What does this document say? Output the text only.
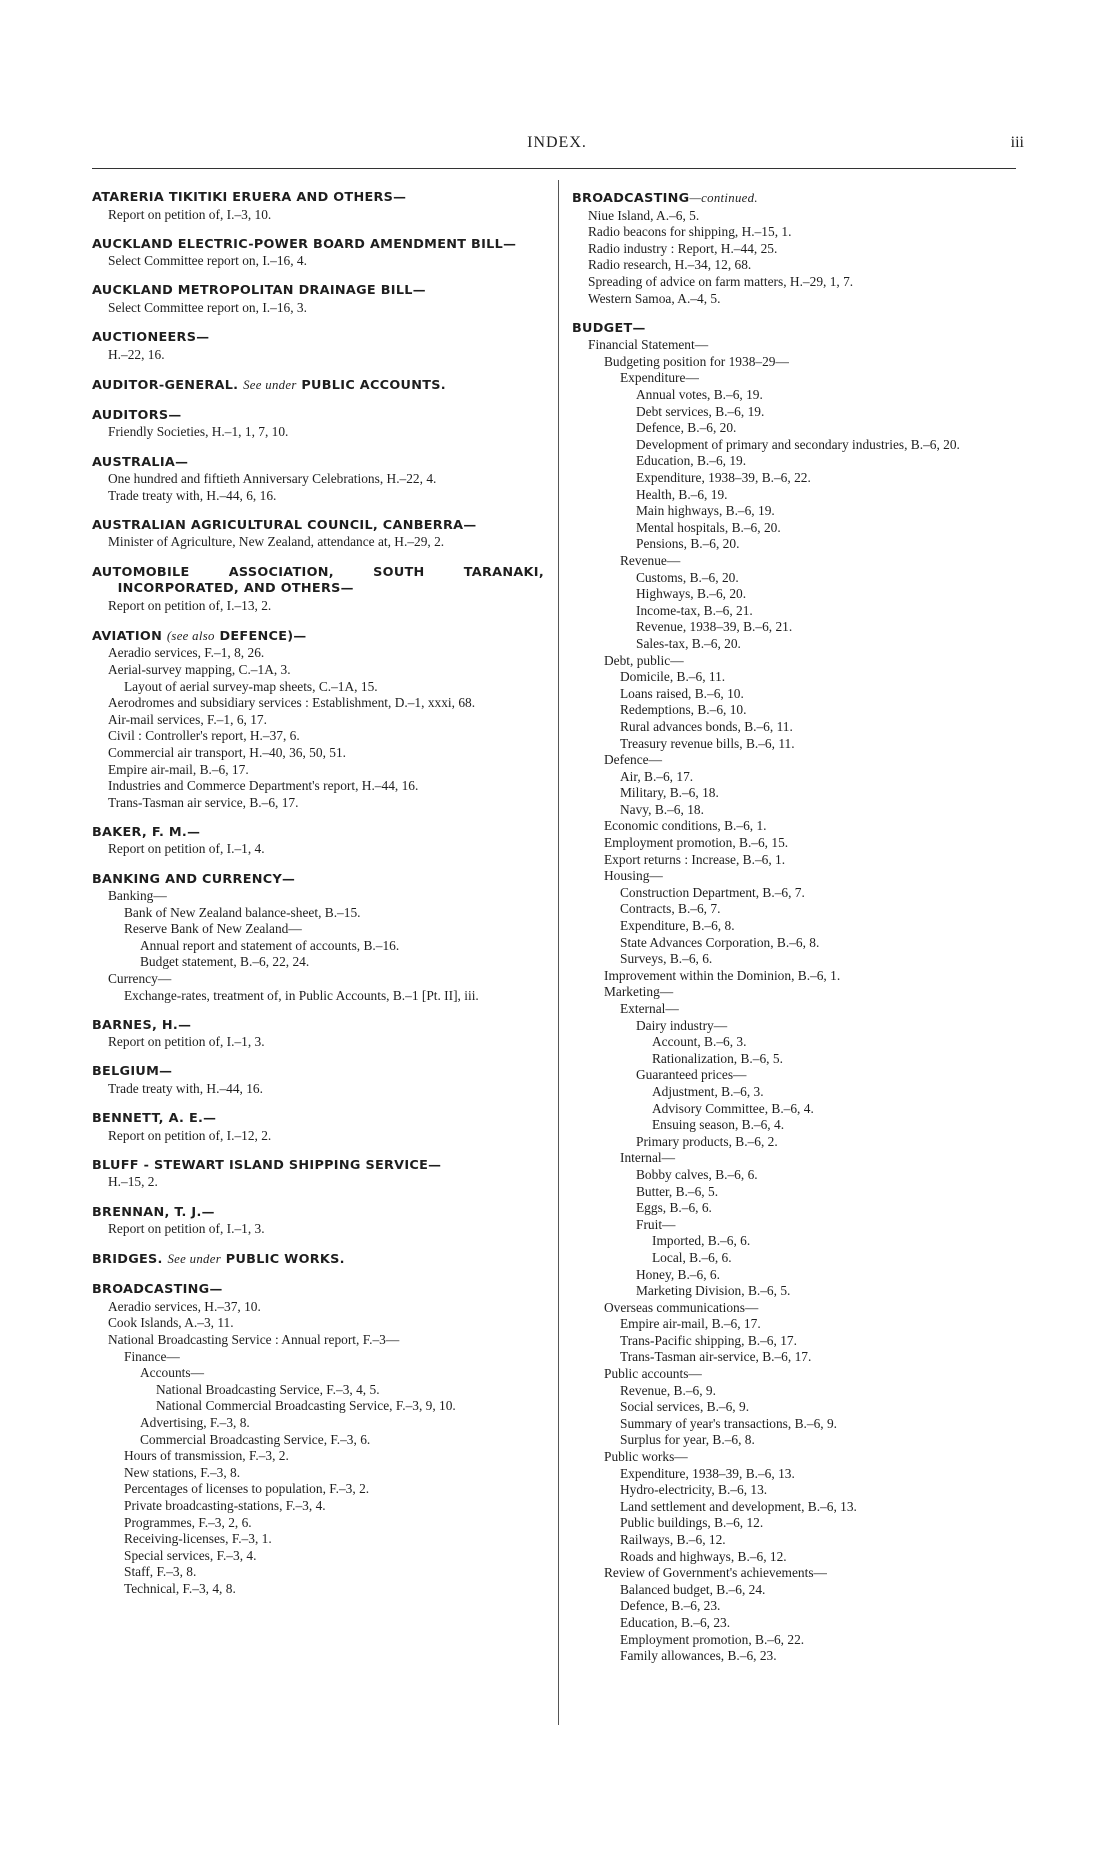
INDEX.	iii
ATARERIA TIKITIKI ERUERA AND OTHERS—
Report on petition of, I.–3, 10.
AUCKLAND ELECTRIC-POWER BOARD AMENDMENT BILL—
Select Committee report on, I.–16, 4.
AUCKLAND METROPOLITAN DRAINAGE BILL—
Select Committee report on, I.–16, 3.
AUCTIONEERS—
H.–22, 16.
AUDITOR-GENERAL. See under PUBLIC ACCOUNTS.
AUDITORS—
Friendly Societies, H.–1, 1, 7, 10.
AUSTRALIA—
One hundred and fiftieth Anniversary Celebrations, H.–22, 4.
Trade treaty with, H.–44, 6, 16.
AUSTRALIAN AGRICULTURAL COUNCIL, CANBERRA—
Minister of Agriculture, New Zealand, attendance at, H.–29, 2.
AUTOMOBILE ASSOCIATION, SOUTH TARANAKI, INCORPORATED, AND OTHERS—
Report on petition of, I.–13, 2.
AVIATION (see also DEFENCE)—
Aeradio services, F.–1, 8, 26.
Aerial-survey mapping, C.–1A, 3.
Layout of aerial survey-map sheets, C.–1A, 15.
Aerodromes and subsidiary services : Establishment, D.–1, xxxi, 68.
Air-mail services, F.–1, 6, 17.
Civil : Controller's report, H.–37, 6.
Commercial air transport, H.–40, 36, 50, 51.
Empire air-mail, B.–6, 17.
Industries and Commerce Department's report, H.–44, 16.
Trans-Tasman air service, B.–6, 17.
BAKER, F. M.—
Report on petition of, I.–1, 4.
BANKING AND CURRENCY—
Banking—
Bank of New Zealand balance-sheet, B.–15.
Reserve Bank of New Zealand—
Annual report and statement of accounts, B.–16.
Budget statement, B.–6, 22, 24.
Currency—
Exchange-rates, treatment of, in Public Accounts, B.–1 [Pt. II], iii.
BARNES, H.—
Report on petition of, I.–1, 3.
BELGIUM—
Trade treaty with, H.–44, 16.
BENNETT, A. E.—
Report on petition of, I.–12, 2.
BLUFF - STEWART ISLAND SHIPPING SERVICE—
H.–15, 2.
BRENNAN, T. J.—
Report on petition of, I.–1, 3.
BRIDGES. See under PUBLIC WORKS.
BROADCASTING—
Aeradio services, H.–37, 10.
Cook Islands, A.–3, 11.
National Broadcasting Service : Annual report, F.–3—
Finance—
Accounts—
National Broadcasting Service, F.–3, 4, 5.
National Commercial Broadcasting Service, F.–3, 9, 10.
Advertising, F.–3, 8.
Commercial Broadcasting Service, F.–3, 6.
Hours of transmission, F.–3, 2.
New stations, F.–3, 8.
Percentages of licenses to population, F.–3, 2.
Private broadcasting-stations, F.–3, 4.
Programmes, F.–3, 2, 6.
Receiving-licenses, F.–3, 1.
Special services, F.–3, 4.
Staff, F.–3, 8.
Technical, F.–3, 4, 8.
BROADCASTING—continued.
Niue Island, A.–6, 5.
Radio beacons for shipping, H.–15, 1.
Radio industry : Report, H.–44, 25.
Radio research, H.–34, 12, 68.
Spreading of advice on farm matters, H.–29, 1, 7.
Western Samoa, A.–4, 5.
BUDGET—
Financial Statement—
Budgeting position for 1938–29—
Expenditure—
Annual votes, B.–6, 19.
Debt services, B.–6, 19.
Defence, B.–6, 20.
Development of primary and secondary industries, B.–6, 20.
Education, B.–6, 19.
Expenditure, 1938–39, B.–6, 22.
Health, B.–6, 19.
Main highways, B.–6, 19.
Mental hospitals, B.–6, 20.
Pensions, B.–6, 20.
Revenue—
Customs, B.–6, 20.
Highways, B.–6, 20.
Income-tax, B.–6, 21.
Revenue, 1938–39, B.–6, 21.
Sales-tax, B.–6, 20.
Debt, public—
Domicile, B.–6, 11.
Loans raised, B.–6, 10.
Redemptions, B.–6, 10.
Rural advances bonds, B.–6, 11.
Treasury revenue bills, B.–6, 11.
Defence—
Air, B.–6, 17.
Military, B.–6, 18.
Navy, B.–6, 18.
Economic conditions, B.–6, 1.
Employment promotion, B.–6, 15.
Export returns : Increase, B.–6, 1.
Housing—
Construction Department, B.–6, 7.
Contracts, B.–6, 7.
Expenditure, B.–6, 8.
State Advances Corporation, B.–6, 8.
Surveys, B.–6, 6.
Improvement within the Dominion, B.–6, 1.
Marketing—
External—
Dairy industry—
Account, B.–6, 3.
Rationalization, B.–6, 5.
Guaranteed prices—
Adjustment, B.–6, 3.
Advisory Committee, B.–6, 4.
Ensuing season, B.–6, 4.
Primary products, B.–6, 2.
Internal—
Bobby calves, B.–6, 6.
Butter, B.–6, 5.
Eggs, B.–6, 6.
Fruit—
Imported, B.–6, 6.
Local, B.–6, 6.
Honey, B.–6, 6.
Marketing Division, B.–6, 5.
Overseas communications—
Empire air-mail, B.–6, 17.
Trans-Pacific shipping, B.–6, 17.
Trans-Tasman air-service, B.–6, 17.
Public accounts—
Revenue, B.–6, 9.
Social services, B.–6, 9.
Summary of year's transactions, B.–6, 9.
Surplus for year, B.–6, 8.
Public works—
Expenditure, 1938–39, B.–6, 13.
Hydro-electricity, B.–6, 13.
Land settlement and development, B.–6, 13.
Public buildings, B.–6, 12.
Railways, B.–6, 12.
Roads and highways, B.–6, 12.
Review of Government's achievements—
Balanced budget, B.–6, 24.
Defence, B.–6, 23.
Education, B.–6, 23.
Employment promotion, B.–6, 22.
Family allowances, B.–6, 23.
